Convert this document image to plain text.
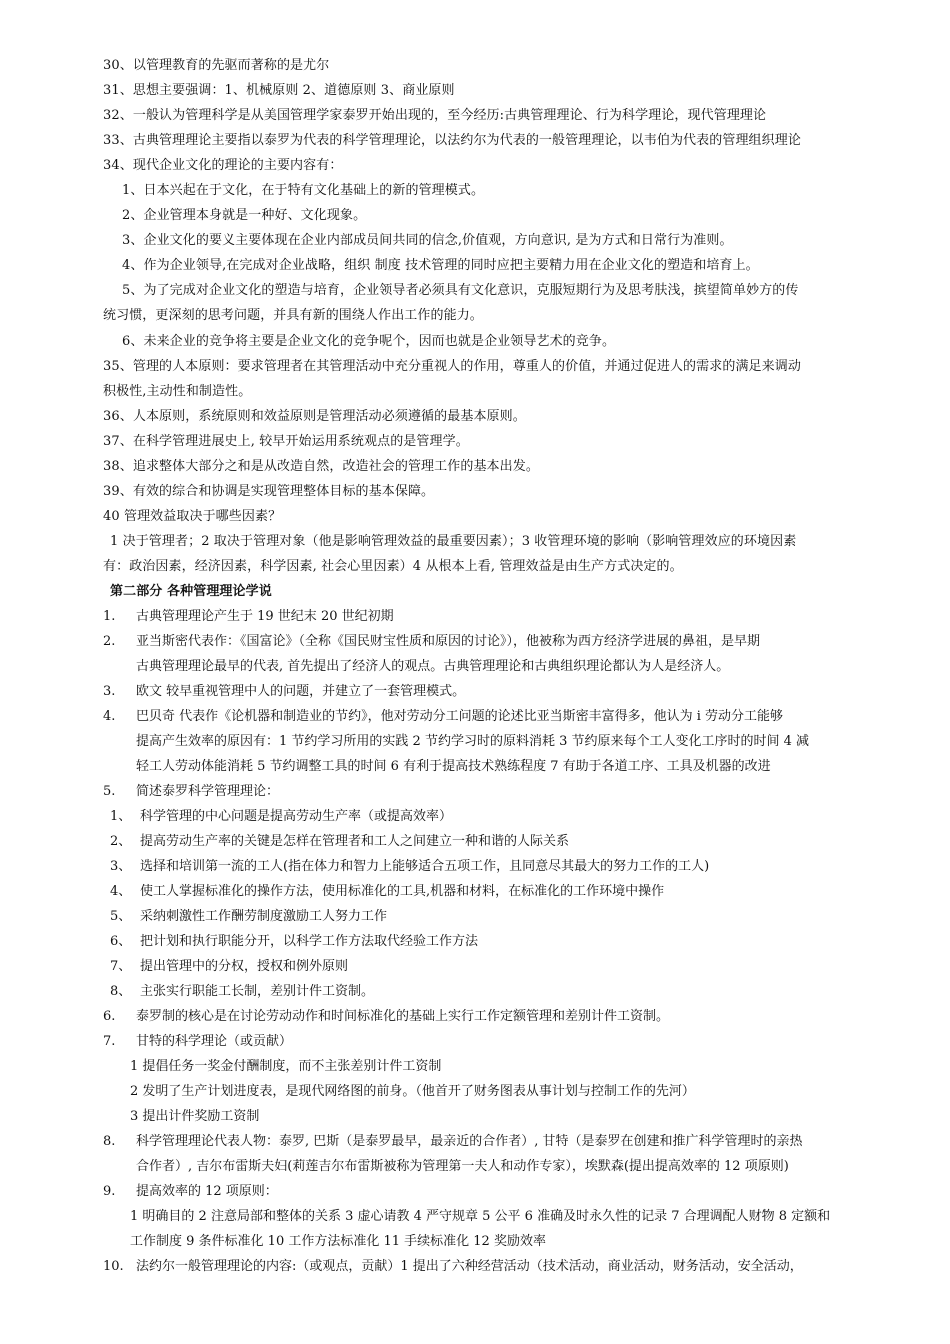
30、以管理教育的先驱而著称的是尤尔
31、思想主要强调：1、机械原则 2、道德原则 3、商业原则
32、一般认为管理科学是从美国管理学家泰罗开始出现的，至今经历:古典管理理论、行为科学理论，现代管理理论
33、古典管理理论主要指以泰罗为代表的科学管理理论，以法约尔为代表的一般管理理论，以韦伯为代表的管理组织理论
34、现代企业文化的理论的主要内容有：
1、日本兴起在于文化，在于特有文化基础上的新的管理模式。
2、企业管理本身就是一种好、文化现象。
3、企业文化的要义主要体现在企业内部成员间共同的信念,价值观，方向意识, 是为方式和日常行为准则。
4、作为企业领导,在完成对企业战略，组织 制度 技术管理的同时应把主要精力用在企业文化的塑造和培育上。
5、为了完成对企业文化的塑造与培育，企业领导者必须具有文化意识，克服短期行为及思考肤浅，摈望简单妙方的传
统习惯，更深刻的思考问题，并具有新的围绕人作出工作的能力。
6、未来企业的竞争将主要是企业文化的竞争呢个，因而也就是企业领导艺术的竞争。
35、管理的人本原则：要求管理者在其管理活动中充分重视人的作用，尊重人的价值，并通过促进人的需求的满足来调动
积极性,主动性和制造性。
36、人本原则，系统原则和效益原则是管理活动必须遵循的最基本原则。
37、在科学管理进展史上, 较早开始运用系统观点的是管理学。
38、追求整体大部分之和是从改造自然，改造社会的管理工作的基本出发。
39、有效的综合和协调是实现管理整体目标的基本保障。
40 管理效益取决于哪些因素？
1 决于管理者；2 取决于管理对象（他是影响管理效益的最重要因素）；3 收管理环境的影响（影响管理效应的环境因素
有：政治因素，经济因素，科学因素, 社会心里因素）4 从根本上看, 管理效益是由生产方式决定的。
第二部分 各种管理理论学说
1. 古典管理理论产生于 19 世纪末 20 世纪初期
2. 亚当斯密代表作：《国富论》（全称《国民财宝性质和原因的讨论》），他被称为西方经济学进展的鼻祖，是早期
古典管理理论最早的代表, 首先提出了经济人的观点。古典管理理论和古典组织理论都认为人是经济人。
3. 欧文 较早重视管理中人的问题，并建立了一套管理模式。
4. 巴贝奇 代表作《论机器和制造业的节约》，他对劳动分工问题的论述比亚当斯密丰富得多，他认为 i 劳动分工能够
提高产生效率的原因有：1 节约学习所用的实践 2 节约学习时的原料消耗 3 节约原来每个工人变化工序时的时间 4 减
轻工人劳动体能消耗 5 节约调整工具的时间 6 有利于提高技术熟练程度 7 有助于各道工序、工具及机器的改进
5. 简述泰罗科学管理理论：
1、 科学管理的中心问题是提高劳动生产率（或提高效率）
2、 提高劳动生产率的关键是怎样在管理者和工人之间建立一种和谐的人际关系
3、 选择和培训第一流的工人(指在体力和智力上能够适合五项工作，且同意尽其最大的努力工作的工人)
4、 使工人掌握标准化的操作方法，使用标准化的工具,机器和材料，在标准化的工作环境中操作
5、 采纳刺激性工作酬劳制度激励工人努力工作
6、 把计划和执行职能分开，以科学工作方法取代经验工作方法
7、 提出管理中的分权，授权和例外原则
8、 主张实行职能工长制，差别计件工资制。
6. 泰罗制的核心是在讨论劳动动作和时间标准化的基础上实行工作定额管理和差别计件工资制。
7. 甘特的科学理论（或贡献）
1 提倡任务一奖金付酬制度，而不主张差别计件工资制
2 发明了生产计划进度表，是现代网络图的前身。（他首开了财务图表从事计划与控制工作的先河）
3 提出计件奖励工资制
8. 科学管理理论代表人物：泰罗, 巴斯（是泰罗最早，最亲近的合作者）, 甘特（是泰罗在创建和推广科学管理时的亲热
合作者）, 吉尔布雷斯夫妇(莉莲吉尔布雷斯被称为管理第一夫人和动作专家），埃默森(提出提高效率的 12 项原则)
9. 提高效率的 12 项原则：
1 明确目的 2 注意局部和整体的关系 3 虚心请教 4 严守规章 5 公平 6 准确及时永久性的记录 7 合理调配人财物 8 定额和
工作制度 9 条件标准化 10 工作方法标准化 11 手续标准化 12 奖励效率
10. 法约尔一般管理理论的内容:（或观点，贡献）1 提出了六种经营活动（技术活动，商业活动，财务活动，安全活动，
